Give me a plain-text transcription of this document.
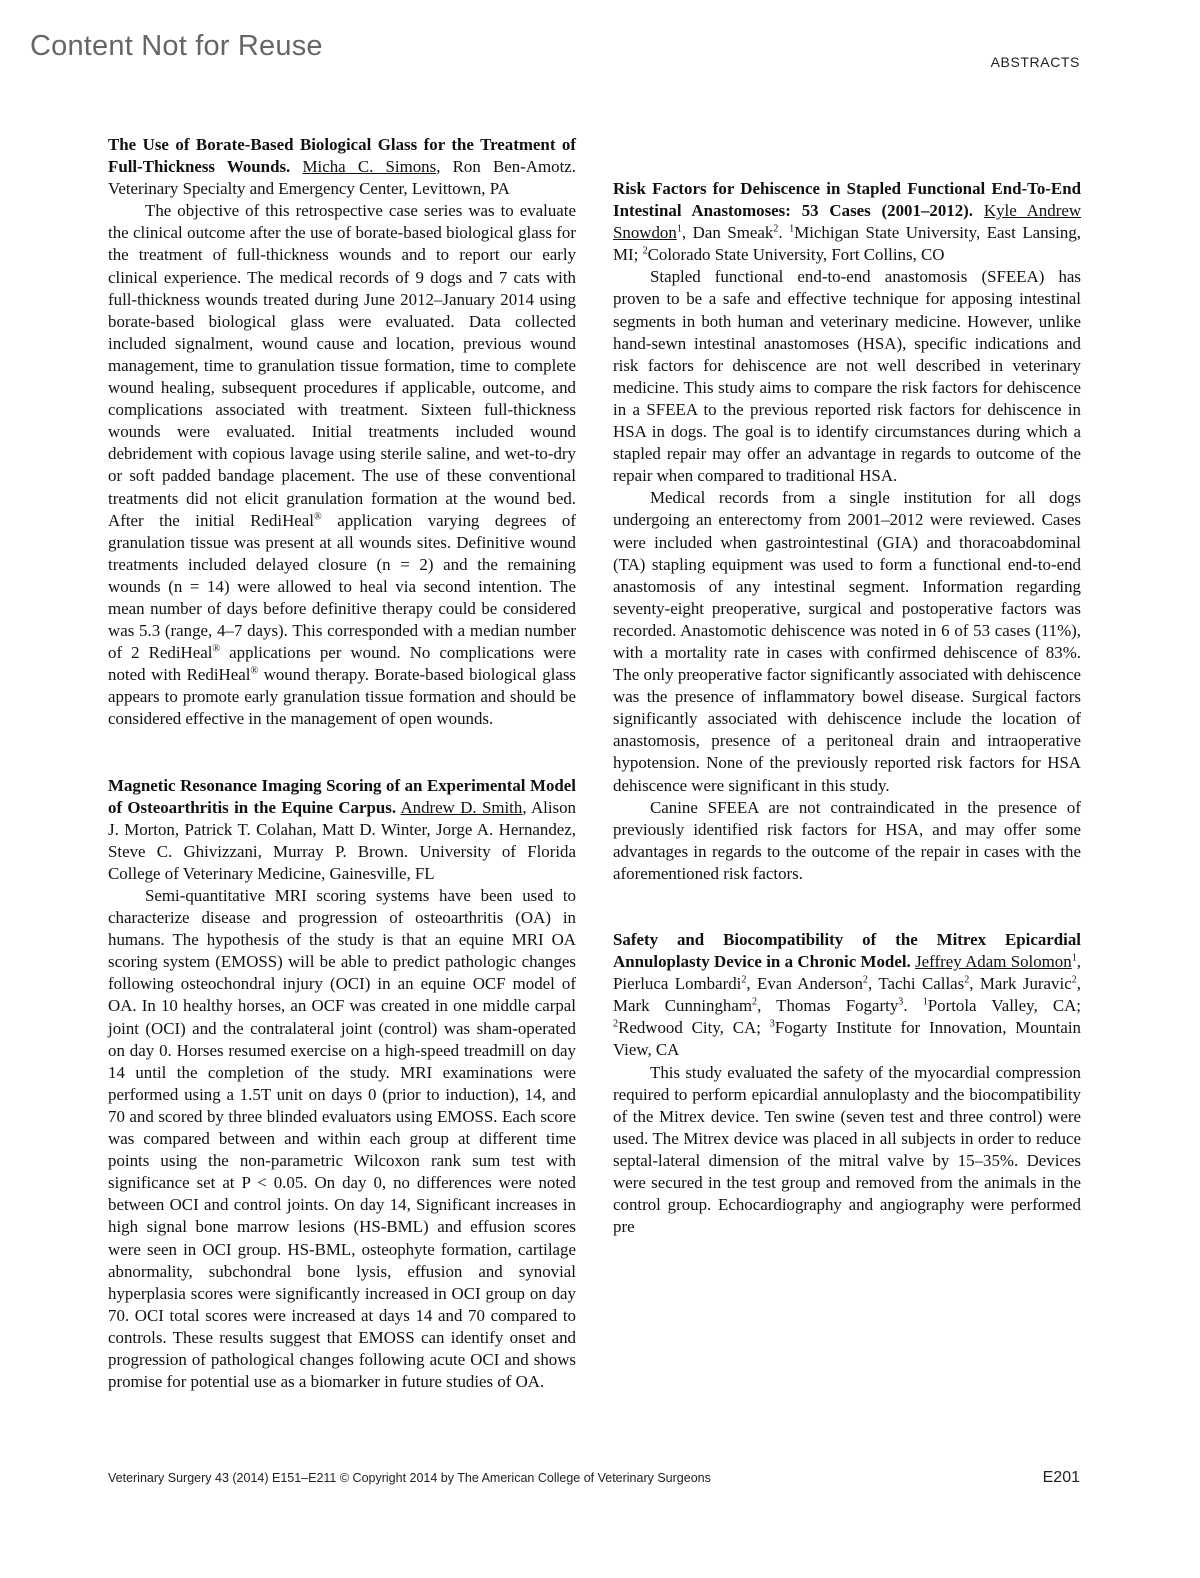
Content Not for Reuse	ABSTRACTS

The Use of Borate-Based Biological Glass for the Treatment of Full-Thickness Wounds. Micha C. Simons, Ron Ben-Amotz. Veterinary Specialty and Emergency Center, Levittown, PA

The objective of this retrospective case series was to evaluate the clinical outcome after the use of borate-based biological glass for the treatment of full-thickness wounds and to report our early clinical experience. The medical records of 9 dogs and 7 cats with full-thickness wounds treated during June 2012–January 2014 using borate-based biological glass were evaluated. Data collected included signalment, wound cause and location, previous wound management, time to granulation tissue formation, time to complete wound healing, subsequent procedures if applicable, outcome, and complications associated with treatment. Sixteen full-thickness wounds were evaluated. Initial treatments included wound debridement with copious lavage using sterile saline, and wet-to-dry or soft padded bandage placement. The use of these conventional treatments did not elicit granulation formation at the wound bed. After the initial RediHeal® application varying degrees of granulation tissue was present at all wounds sites. Definitive wound treatments included delayed closure (n = 2) and the remaining wounds (n = 14) were allowed to heal via second intention. The mean number of days before definitive therapy could be considered was 5.3 (range, 4–7 days). This corresponded with a median number of 2 RediHeal® applications per wound. No complications were noted with RediHeal® wound therapy. Borate-based biological glass appears to promote early granulation tissue formation and should be considered effective in the management of open wounds.

Magnetic Resonance Imaging Scoring of an Experimental Model of Osteoarthritis in the Equine Carpus. Andrew D. Smith, Alison J. Morton, Patrick T. Colahan, Matt D. Winter, Jorge A. Hernandez, Steve C. Ghivizzani, Murray P. Brown. University of Florida College of Veterinary Medicine, Gainesville, FL

Semi-quantitative MRI scoring systems have been used to characterize disease and progression of osteoarthritis (OA) in humans. The hypothesis of the study is that an equine MRI OA scoring system (EMOSS) will be able to predict pathologic changes following osteochondral injury (OCI) in an equine OCF model of OA. In 10 healthy horses, an OCF was created in one middle carpal joint (OCI) and the contralateral joint (control) was sham-operated on day 0. Horses resumed exercise on a high-speed treadmill on day 14 until the completion of the study. MRI examinations were performed using a 1.5T unit on days 0 (prior to induction), 14, and 70 and scored by three blinded evaluators using EMOSS. Each score was compared between and within each group at different time points using the non-parametric Wilcoxon rank sum test with significance set at P < 0.05. On day 0, no differences were noted between OCI and control joints. On day 14, Significant increases in high signal bone marrow lesions (HS-BML) and effusion scores were seen in OCI group. HS-BML, osteophyte formation, cartilage abnormality, subchondral bone lysis, effusion and synovial hyperplasia scores were significantly increased in OCI group on day 70. OCI total scores were increased at days 14 and 70 compared to controls. These results suggest that EMOSS can identify onset and progression of pathological changes following acute OCI and shows promise for potential use as a biomarker in future studies of OA.

Risk Factors for Dehiscence in Stapled Functional End-To-End Intestinal Anastomoses: 53 Cases (2001–2012). Kyle Andrew Snowdon$^1$, Dan Smeak$^2$. $^1$Michigan State University, East Lansing, MI; $^2$Colorado State University, Fort Collins, CO

Stapled functional end-to-end anastomosis (SFEEA) has proven to be a safe and effective technique for apposing intestinal segments in both human and veterinary medicine. However, unlike hand-sewn intestinal anastomoses (HSA), specific indications and risk factors for dehiscence are not well described in veterinary medicine. This study aims to compare the risk factors for dehiscence in a SFEEA to the previous reported risk factors for dehiscence in HSA in dogs. The goal is to identify circumstances during which a stapled repair may offer an advantage in regards to outcome of the repair when compared to traditional HSA.

Medical records from a single institution for all dogs undergoing an enterectomy from 2001–2012 were reviewed. Cases were included when gastrointestinal (GIA) and thoracoabdominal (TA) stapling equipment was used to form a functional end-to-end anastomosis of any intestinal segment. Information regarding seventy-eight preoperative, surgical and postoperative factors was recorded. Anastomotic dehiscence was noted in 6 of 53 cases (11%), with a mortality rate in cases with confirmed dehiscence of 83%. The only preoperative factor significantly associated with dehiscence was the presence of inflammatory bowel disease. Surgical factors significantly associated with dehiscence include the location of anastomosis, presence of a peritoneal drain and intraoperative hypotension. None of the previously reported risk factors for HSA dehiscence were significant in this study.

Canine SFEEA are not contraindicated in the presence of previously identified risk factors for HSA, and may offer some advantages in regards to the outcome of the repair in cases with the aforementioned risk factors.

Safety and Biocompatibility of the Mitrex Epicardial Annuloplasty Device in a Chronic Model. Jeffrey Adam Solomon$^1$, Pierluca Lombardi$^2$, Evan Anderson$^2$, Tachi Callas$^2$, Mark Juravic$^2$, Mark Cunningham$^2$, Thomas Fogarty$^3$. $^1$Portola Valley, CA; $^2$Redwood City, CA; $^3$Fogarty Institute for Innovation, Mountain View, CA

This study evaluated the safety of the myocardial compression required to perform epicardial annuloplasty and the biocompatibility of the Mitrex device. Ten swine (seven test and three control) were used. The Mitrex device was placed in all subjects in order to reduce septal-lateral dimension of the mitral valve by 15–35%. Devices were secured in the test group and removed from the animals in the control group. Echocardiography and angiography were performed pre

Veterinary Surgery 43 (2014) E151–E211 © Copyright 2014 by The American College of Veterinary Surgeons	E201
